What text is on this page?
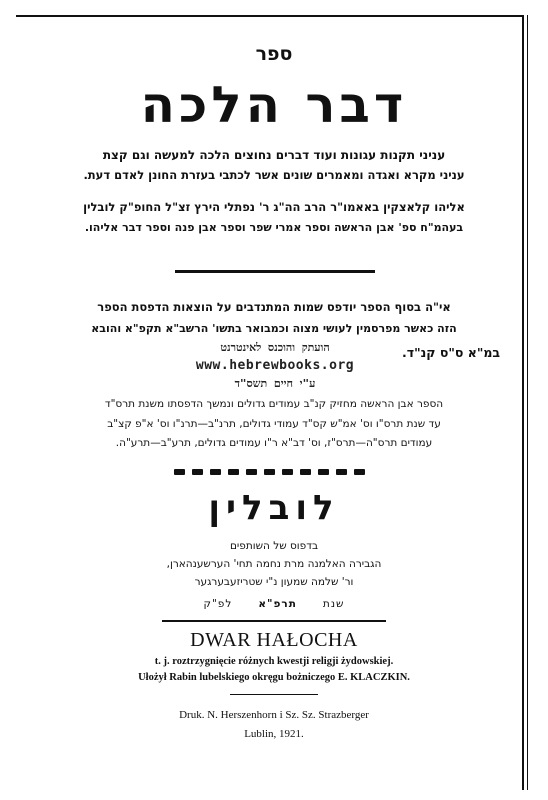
ספר
דבר הלכה
עניני תקנות עגונות ועוד דברים נחוצים הלכה למעשה וגם קצת
עניני מקרא ואגדה ומאמרים שונים אשר לכתבי בעזרת החונן לאדם דעת.
אליהו קלאצקין באאמו"ר הרב הה"ג ר' נפתלי הירץ זצ"ל החופ"ק לובלין
בעהמ"ח ספ' אבן הראשה וספר אמרי שפר וספר אבן פנה וספר דבר אליהו.
אי"ה בסוף הספר יודפס שמות המתנדבים על הוצאות הדפסת הספר
הזה כאשר מפרסמין לעושי מצוה וכמבואר בתשו' הרשב"א תקפ"א והובא
במ"א ס"ס קנ"ד.
הועתק והוכנס לאינטרנט
www.hebrewbooks.org
ע"י חיים תשס"ד
הספר אבן הראשה מחזיק קנ"ב עמודים גדולים ונמשך הדפסתו משנת תרס"ד
עד שנת תרס"ו וס' אמ"ש קס"ד עמודי גדולים, תרנ"ב—תרנ"ו וס' א"פ קצ"ב
עמודים תרס"ה—תרס"ז, וס' דב"א ר"ו עמודים גדולים, תרע"ב—תרע"ה.
לובלין
בדפוס של השותפים
הגבירה האלמנה מרת נחמה תחי' הערשענהארן,
ור' שלמה שמעון נ"י שטריזעבערגער
שנת      תרפ"א      לפ"ק
DWAR HAŁOCHA
t. j. roztrzygnięcie różnych kwestji religji żydowskiej.
Ułożył Rabin lubelskiego okręgu bożniczego E. KLACZKIN.
Druk. N. Herszenhorn i Sz. Sz. Strazberger
Lublin, 1921.
